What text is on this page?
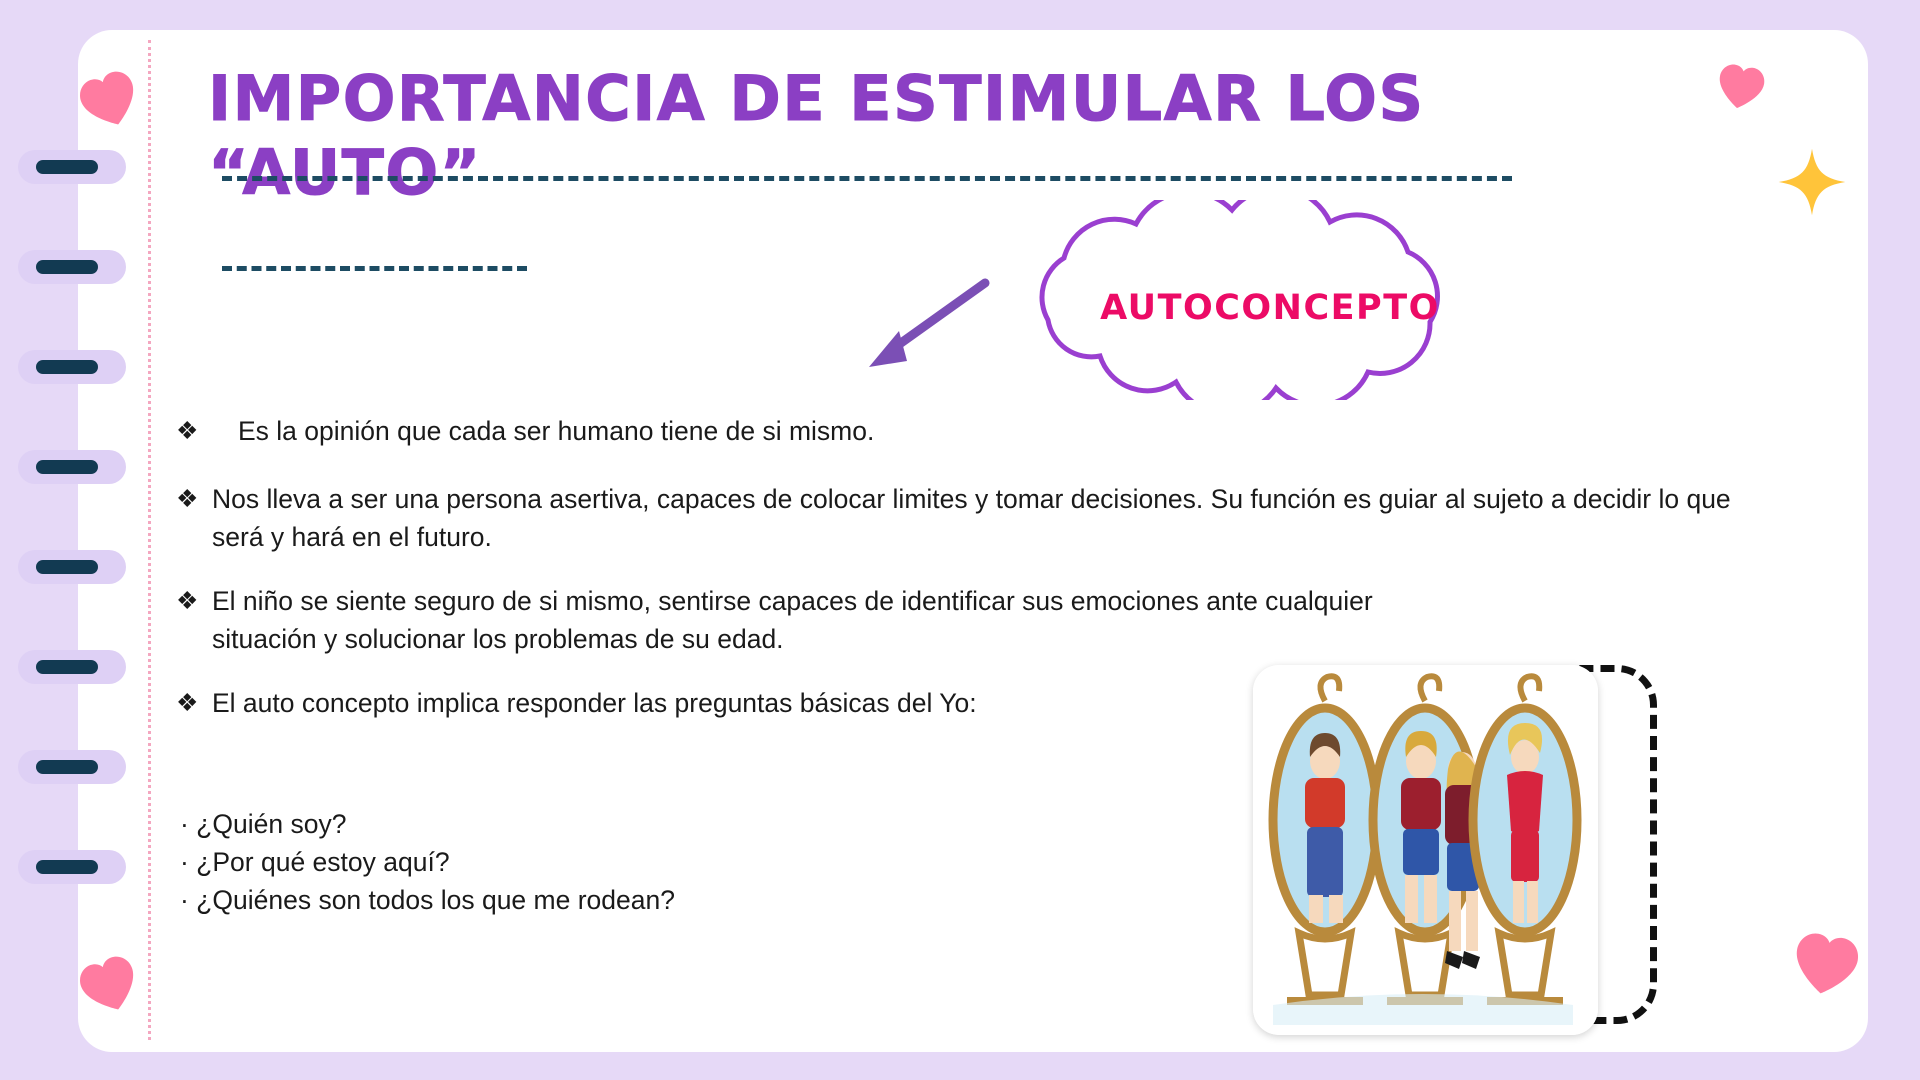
IMPORTANCIA DE ESTIMULAR LOS
“AUTO”
AUTOCONCEPTO
❖ Es la opinión que cada ser humano tiene de si mismo.
❖ Nos lleva a ser una persona asertiva, capaces de colocar limites y tomar decisiones. Su función es guiar al sujeto a decidir lo que será y hará en el futuro.
❖ El niño se siente seguro de si mismo, sentirse capaces de identificar sus emociones ante cualquier situación y solucionar los problemas de su edad.
❖ El auto concepto implica responder las preguntas básicas del Yo:
· ¿Quién soy?
· ¿Por qué estoy aquí?
· ¿Quiénes son todos los que me rodean?
